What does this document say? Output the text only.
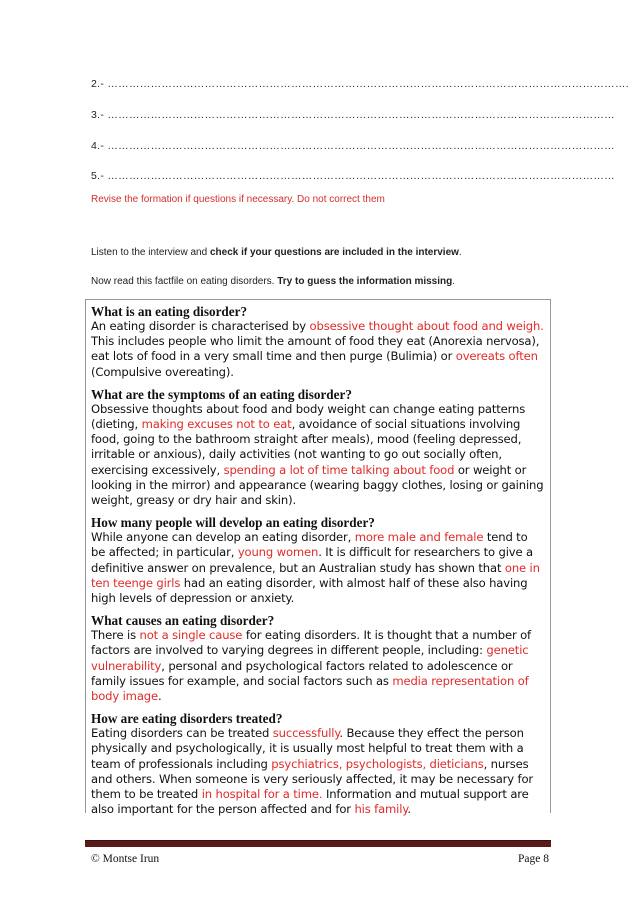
2.- ……………………………………………………………………………………………………………………………….
3.- ……………………………………………………………………………………………………………………………
4.- ……………………………………………………………………………………………………………………………
5.- ……………………………………………………………………………………………………………………………
Revise the formation if questions if necessary. Do not correct them
Listen to the interview and check if your questions are included in the interview.
Now read this factfile on eating disorders. Try to guess the information missing.
What is an eating disorder?

An eating disorder is characterised by obsessive thought about food and weigh. This includes people who limit the amount of food they eat (Anorexia nervosa), eat lots of food in a very small time and then purge (Bulimia) or overeats often (Compulsive overeating).

What are the symptoms of an eating disorder?

Obsessive thoughts about food and body weight can change eating patterns (dieting, making excuses not to eat, avoidance of social situations involving food, going to the bathroom straight after meals), mood (feeling depressed, irritable or anxious), daily activities (not wanting to go out socially often, exercising excessively, spending a lot of time talking about food or weight or looking in the mirror) and appearance (wearing baggy clothes, losing or gaining weight, greasy or dry hair and skin).

How many people will develop an eating disorder?

While anyone can develop an eating disorder, more male and female tend to be affected; in particular, young women. It is difficult for researchers to give a definitive answer on prevalence, but an Australian study has shown that one in ten teenge girls had an eating disorder, with almost half of these also having high levels of depression or anxiety.

What causes an eating disorder?

There is not a single cause for eating disorders. It is thought that a number of factors are involved to varying degrees in different people, including: genetic vulnerability, personal and psychological factors related to adolescence or family issues for example, and social factors such as media representation of body image.

How are eating disorders treated?

Eating disorders can be treated successfully. Because they effect the person physically and psychologically, it is usually most helpful to treat them with a team of professionals including psychiatrics, psychologists, dieticians, nurses and others. When someone is very seriously affected, it may be necessary for them to be treated in hospital for a time. Information and mutual support are also important for the person affected and for his family.

© Montse Irun	Page 8
